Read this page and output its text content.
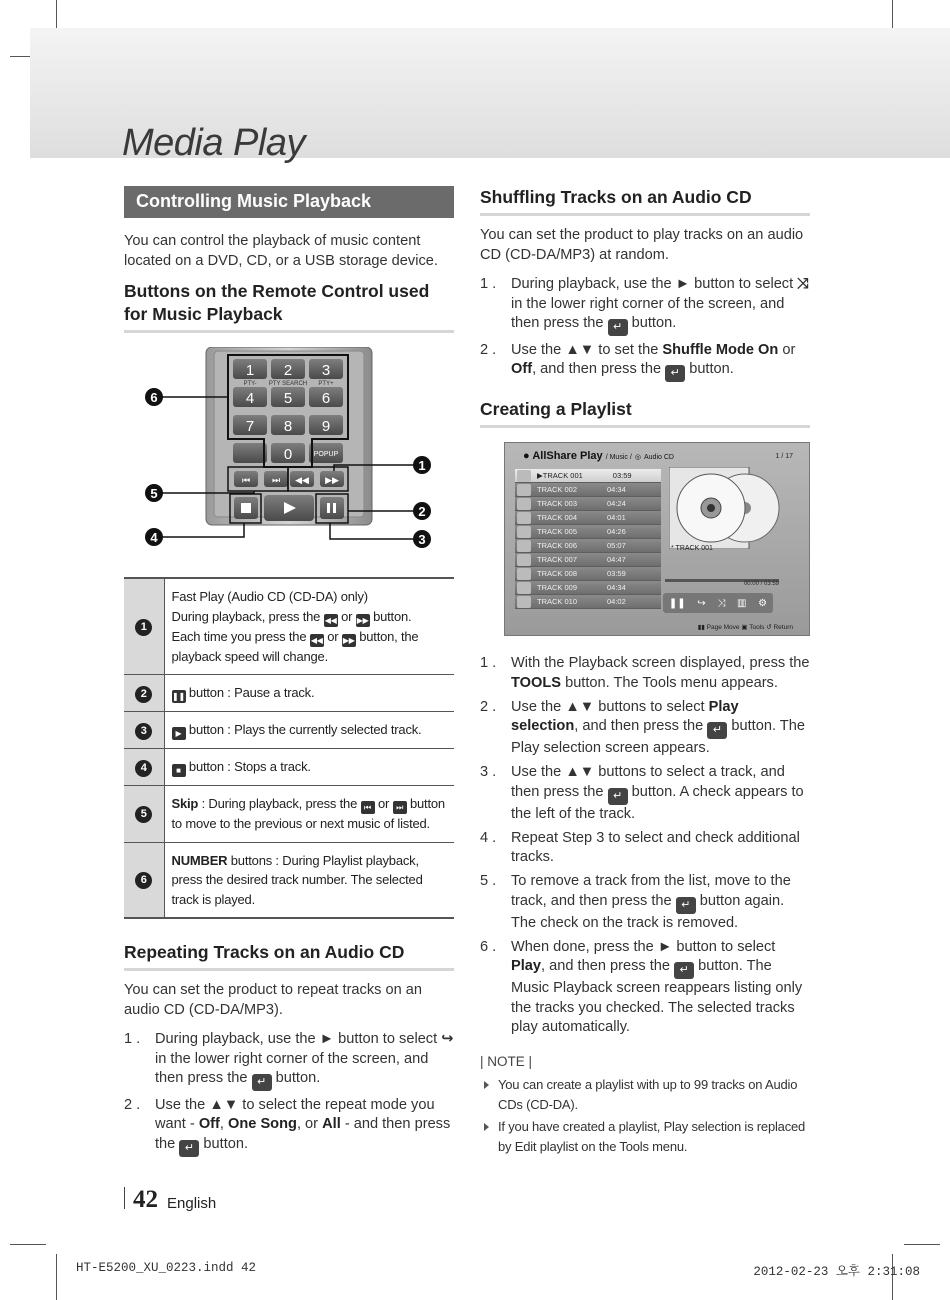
Media Play
Controlling Music Playback

You can control the playback of music content located on a DVD, CD, or a USB storage device.

Buttons on the Remote Control used for Music Playback
1 2 3
4 5 6
7 8 9
0
PTY- PTY SEARCH PTY+
POPUP
⏮ ⏭ ◀◀ ▶▶
6
1
2
3
5
4
1	Fast Play (Audio CD (CD-DA) only)
During playback, press the ◀◀ or ▶▶ button.
Each time you press the ◀◀ or ▶▶ button, the playback speed will change.

2	❚❚ button : Pause a track.
3	▶ button : Plays the currently selected track.
4	■ button : Stops a track.
5	Skip : During playback, press the ⏮ or ⏭ button to move to the previous or next music of listed.
6	NUMBER buttons : During Playlist playback, press the desired track number. The selected track is played.
Repeating Tracks on an Audio CD

You can set the product to repeat tracks on an audio CD (CD-DA/MP3).

1 . During playback, use the ► button to select ↪ in the lower right corner of the screen, and then press the ↵ button.
2 . Use the ▲▼ to select the repeat mode you want - Off, One Song, or All - and then press the ↵ button.
Shuffling Tracks on an Audio CD

You can set the product to play tracks on an audio CD (CD-DA/MP3) at random.

1 . During playback, use the ► button to select ⤨ in the lower right corner of the screen, and then press the ↵ button.
2 . Use the ▲▼ to set the Shuffle Mode On or Off, and then press the ↵ button.
Creating a Playlist
● AllShare Play / Music / ◎ Audio CD	1 / 17
▶ TRACK 001	03:59
TRACK 002	04:34
TRACK 003	04:24
TRACK 004	04:01
TRACK 005	04:26
TRACK 006	05:07
TRACK 007	04:47
TRACK 008	03:59
TRACK 009	04:34
TRACK 010	04:02
* TRACK 001
00:00 / 03:59
❚❚ ↪ ⤨ ▥ ⚙
▮▮ Page Move ▣ Tools ↺ Return
1 . With the Playback screen displayed, press the TOOLS button. The Tools menu appears.
2 . Use the ▲▼ buttons to select Play selection, and then press the ↵ button. The Play selection screen appears.
3 . Use the ▲▼ buttons to select a track, and then press the ↵ button. A check appears to the left of the track.
4 . Repeat Step 3 to select and check additional tracks.
5 . To remove a track from the list, move to the track, and then press the ↵ button again. The check on the track is removed.
6 . When done, press the ► button to select Play, and then press the ↵ button. The Music Playback screen reappears listing only the tracks you checked. The selected tracks play automatically.
| NOTE |
You can create a playlist with up to 99 tracks on Audio CDs (CD-DA).
If you have created a playlist, Play selection is replaced by Edit playlist on the Tools menu.
42 English
HT-E5200_XU_0223.indd 42	2012-02-23 오후 2:31:08
